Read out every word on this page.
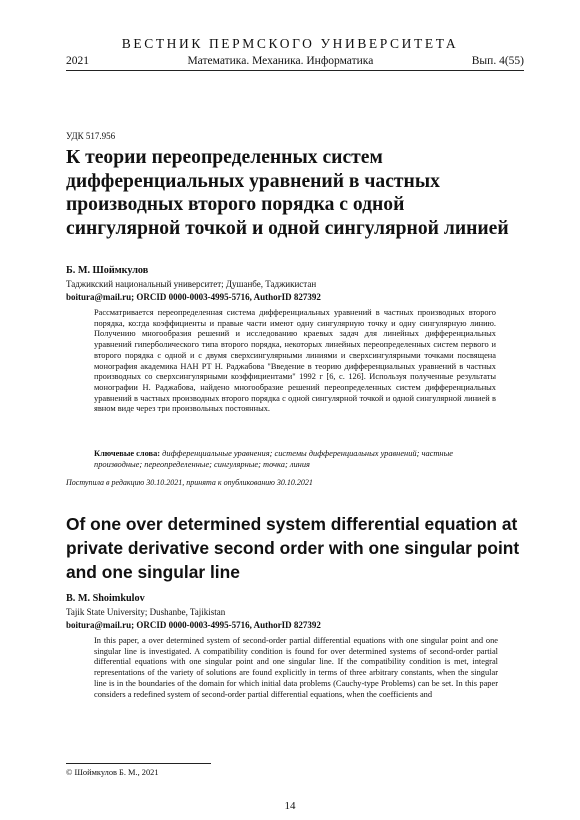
ВЕСТНИК ПЕРМСКОГО УНИВЕРСИТЕТА
2021	Математика. Механика. Информатика	Вып. 4(55)
УДК 517.956
К теории переопределенных систем дифференциальных уравнений в частных производных второго порядка с одной сингулярной точкой и одной сингулярной линией
Б. М. Шоймкулов
Таджикский национальный университет; Душанбе, Таджикистан
boitura@mail.ru; ORCID 0000-0003-4995-5716, AuthorID 827392

Рассматривается переопределенная система дифференциальных уравнений в частных производных второго порядка, ко:гда коэффициенты и правые части имеют одну сингулярную точку и одну сингулярную линию. Получению многообразия решений и исследованию краевых задач для линейных дифференциальных уравнений гиперболического типа второго порядка, некоторых линейных переопределенных систем первого и второго порядка с одной и с двумя сверхсингулярными линиями и сверхсингулярными точками посвящена монография академика НАН РТ Н. Раджабова "Введение в теорию дифференциальных уравнений в частных производных со сверхсингулярными коэффициентами" 1992 г [6, с. 126]. Используя полученные результаты монографии Н. Раджабова, найдено многообразие решений переопределенных систем дифференциальных уравнений в частных производных второго порядка с одной сингулярной точкой и одной сингулярной линией в явном виде через три произвольных постоянных.

Ключевые слова: дифференциальные уравнения; системы дифференциальных уравнений; частные производные; переопределенные; сингулярные; точка; линия

Поступила в редакцию 30.10.2021, принята к опубликованию 30.10.2021
Of one over determined system differential equation at private derivative second order with one singular point and one singular line
B. M. Shoimkulov
Tajik State University; Dushanbe, Tajikistan
boitura@mail.ru; ORCID 0000-0003-4995-5716, AuthorID 827392

In this paper, a over determined system of second-order partial differential equations with one singular point and one singular line is investigated. A compatibility condition is found for over determined systems of second-order partial differential equations with one singular point and one singular line. If the compatibility condition is met, integral representations of the variety of solutions are found explicitly in terms of three arbitrary constants, when the singular line is in the boundaries of the domain for which initial data problems (Cauchy-type Problems) can be set. In this paper considers a redefined system of second-order partial differential equations, when the coefficients and

© Шоймкулов Б. М., 2021
14
